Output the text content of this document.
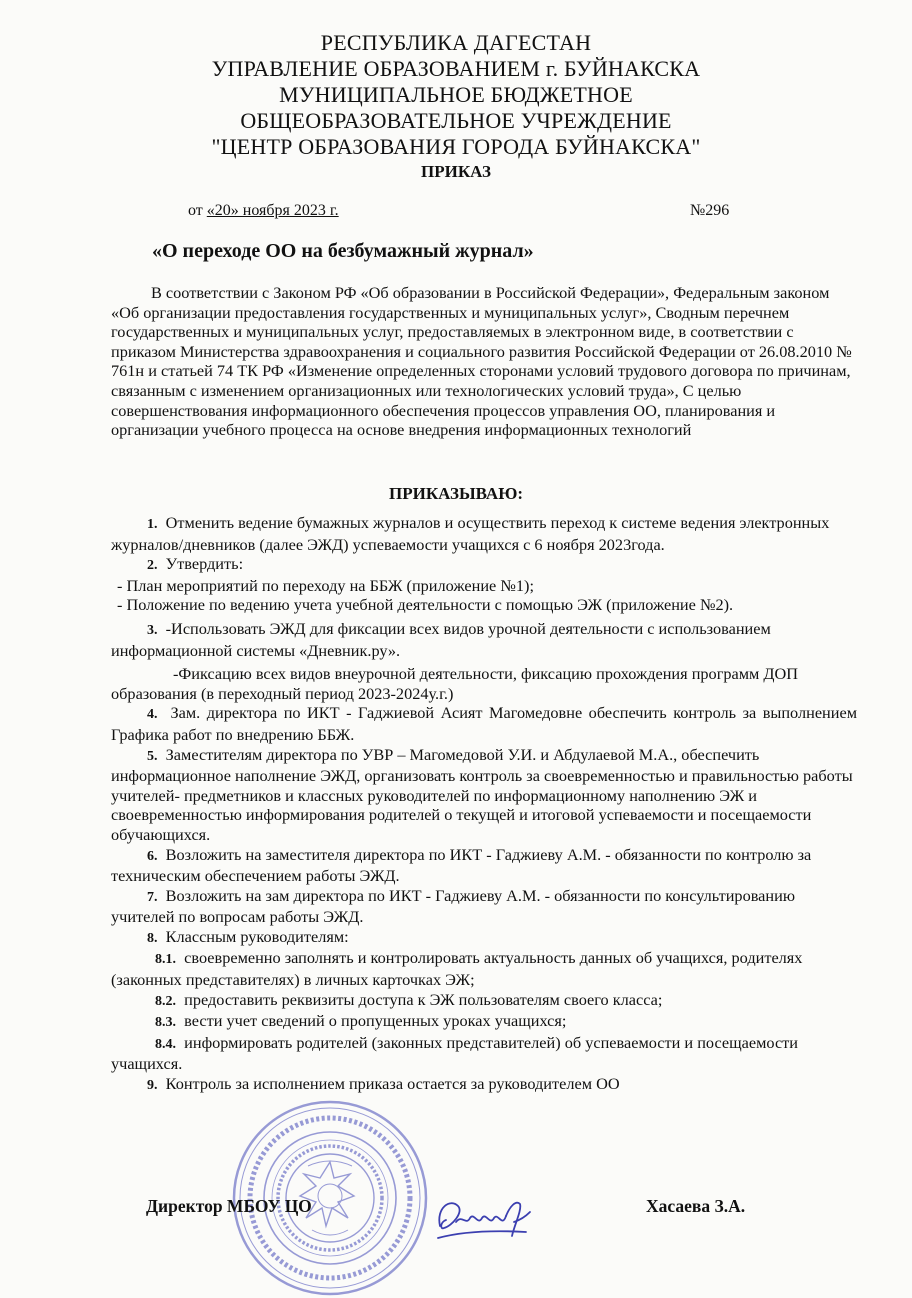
РЕСПУБЛИКА ДАГЕСТАН
УПРАВЛЕНИЕ ОБРАЗОВАНИЕМ г. БУЙНАКСКА
МУНИЦИПАЛЬНОЕ БЮДЖЕТНОЕ
ОБЩЕОБРАЗОВАТЕЛЬНОЕ УЧРЕЖДЕНИЕ
"ЦЕНТР ОБРАЗОВАНИЯ ГОРОДА БУЙНАКСКА"
ПРИКАЗ
от «20» ноября 2023 г.	№296
«О переходе ОО на безбумажный журнал»
В соответствии с Законом РФ «Об образовании в Российской Федерации», Федеральным законом «Об организации предоставления государственных и муниципальных услуг», Сводным перечнем государственных и муниципальных услуг, предоставляемых в электронном виде, в соответствии с приказом Министерства здравоохранения и социального развития Российской Федерации от 26.08.2010 № 761н и статьей 74 ТК РФ «Изменение определенных сторонами условий трудового договора по причинам, связанным с изменением организационных или технологических условий труда», С целью совершенствования информационного обеспечения процессов управления ОО, планирования и организации учебного процесса на основе внедрения информационных технологий
ПРИКАЗЫВАЮ:

1. Отменить ведение бумажных журналов и осуществить переход к системе ведения электронных журналов/дневников (далее ЭЖД) успеваемости учащихся с 6 ноября 2023года.

2. Утвердить:

- План мероприятий по переходу на ББЖ (приложение №1);

- Положение по ведению учета учебной деятельности с помощью ЭЖ (приложение №2).

3. -Использовать ЭЖД для фиксации всех видов урочной деятельности с использованием информационной системы «Дневник.ру».

-Фиксацию всех видов внеурочной деятельности, фиксацию прохождения программ ДОП образования (в переходный период 2023-2024у.г.)

4. Зам. директора по ИКТ - Гаджиевой Асият Магомедовне обеспечить контроль за выполнением Графика работ по внедрению ББЖ.

5. Заместителям директора по УВР – Магомедовой У.И. и Абдулаевой М.А., обеспечить информационное наполнение ЭЖД, организовать контроль за своевременностью и правильностью работы учителей- предметников и классных руководителей по информационному наполнению ЭЖ и своевременностью информирования родителей о текущей и итоговой успеваемости и посещаемости обучающихся.

6. Возложить на заместителя директора по ИКТ - Гаджиеву А.М. - обязанности по контролю за техническим обеспечением работы ЭЖД.

7. Возложить на зам директора по ИКТ - Гаджиеву А.М. - обязанности по консультированию учителей по вопросам работы ЭЖД.

8. Классным руководителям:

8.1. своевременно заполнять и контролировать актуальность данных об учащихся, родителях (законных представителях) в личных карточках ЭЖ;

8.2. предоставить реквизиты доступа к ЭЖ пользователям своего класса;

8.3. вести учет сведений о пропущенных уроках учащихся;

8.4. информировать родителей (законных представителей) об успеваемости и посещаемости учащихся.

9. Контроль за исполнением приказа остается за руководителем ОО

Директор МБОУ ЦО	Хасаева З.А.
